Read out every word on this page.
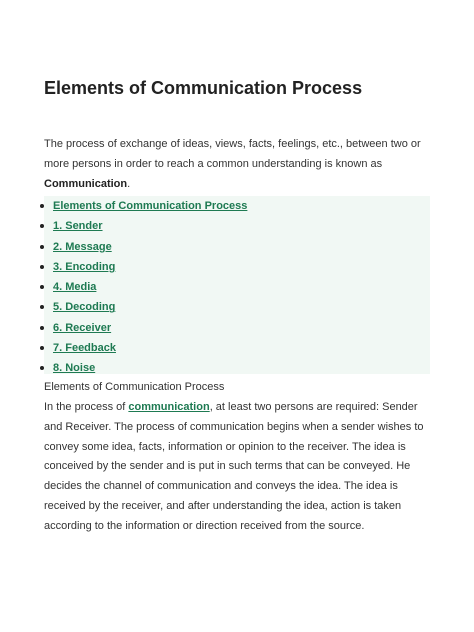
Elements of Communication Process

The process of exchange of ideas, views, facts, feelings, etc., between two or more persons in order to reach a common understanding is known as Communication.

Elements of Communication Process
1. Sender
2. Message
3. Encoding
4. Media
5. Decoding
6. Receiver
7. Feedback
8. Noise

Elements of Communication Process

In the process of communication, at least two persons are required: Sender and Receiver. The process of communication begins when a sender wishes to convey some idea, facts, information or opinion to the receiver. The idea is conceived by the sender and is put in such terms that can be conveyed. He decides the channel of communication and conveys the idea. The idea is received by the receiver, and after understanding the idea, action is taken according to the information or direction received from the source.
